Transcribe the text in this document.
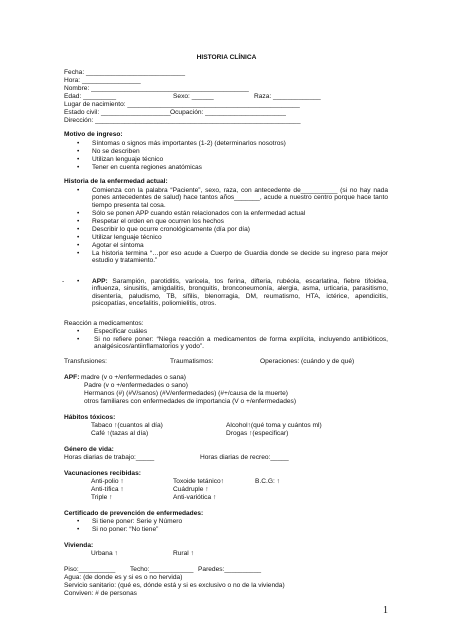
HISTORIA CLÍNICA
Fecha: ___________________________
Hora: ________________
Nombre: ___________________________________________
Edad: _________	Sexo: ______	Raza: _____________
Lugar de nacimiento: _______________________________________________
Estado civil: ___________________ Ocupación: ______________________
Dirección: ________________________________________________________
Motivo de ingreso:
• Síntomas o signos más importantes (1-2) (determinarlos nosotros)
• No se describen
• Utilizan lenguaje técnico
• Tener en cuenta regiones anatómicas
Historia de la enfermedad actual:
• Comienza con la palabra “Paciente”, sexo, raza, con antecedente de__________ (si no hay nada pones antecedentes de salud) hace tantos años_______, acude a nuestro centro porque hace tanto tiempo presenta tal cosa.
• Sólo se ponen APP cuando están relacionados con la enfermedad actual
• Respetar el orden en que ocurren los hechos
• Describir lo que ocurre cronológicamente (día por día)
• Utilizar lenguaje técnico
• Agotar el síntoma
• La historia termina “…por eso acude a Cuerpo de Guardia donde se decide su ingreso para mejor estudio y tratamiento.”
- • APP: Sarampión, parotiditis, varicela, tos ferina, difteria, rubéola, escarlatina, fiebre tifoidea, influenza, sinusitis, amigdalitis, bronquitis, bronconeumonía, alergia, asma, urticaria, parasitismo, disentería, paludismo, TB, sífilis, blenorragia, DM, reumatismo, HTA, ictérice, apendicitis, psicopatías, encefalitis, poliomielitis, otros.
Reacción a medicamentos:
• Especificar cuáles
• Si no refiere poner: “Niega reacción a medicamentos de forma explícita, incluyendo antibióticos, analgésicos/antiinflamatorios y yodo”.
Transfusiones:	Traumatismos:	Operaciones: (cuándo y de qué)
APF: madre (v o +/enfermedades o sana)
Padre (v o +/enfermedades o sano)
Hermanos (#) (#V/sanos) (#V/enfermedades) (#+/causa de la muerte)
otros familiares con enfermedades de importancia (V o +/enfermedades)
Hábitos tóxicos:
Tabaco ↑(cuantos al día)	Alcohol↑(qué toma y cuántos ml)
Café ↑(tazas al día)	Drogas ↑(especificar)
Género de vida:
Horas diarias de trabajo:_____	Horas diarias de recreo:_____
Vacunaciones recibidas:
Anti-polio ↑	Toxoide tetánico↑	B.C.G: ↑
Anti-tífica ↑	Cuádruple ↑
Triple ↑	Anti-variótica ↑
Certificado de prevención de enfermedades:
• Si tiene poner: Serie y Número
• Si no poner: “No tiene”
Vivienda:
Urbana ↑	Rural ↑
Piso:__________ Techo:____________ Paredes:__________
Agua: (de donde es y si es o no hervida)
Servicio sanitario: (qué es, dónde está y si es exclusivo o no de la vivienda)
Conviven: # de personas
1
